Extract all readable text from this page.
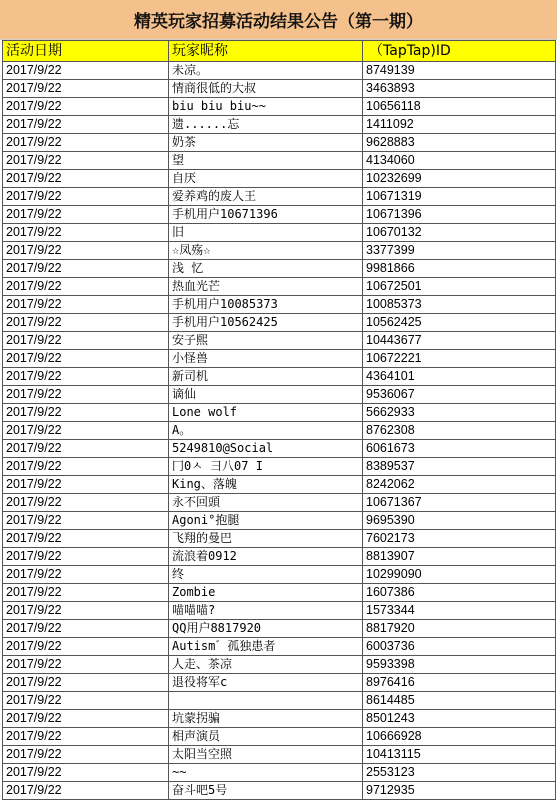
精英玩家招募活动结果公告（第一期）
活动日期	玩家昵称	（TapTap)ID
2017/9/22	未凉。	8749139
2017/9/22	情商很低的大叔	3463893
2017/9/22	biu biu biu~~	10656118
2017/9/22	遗......忘	1411092
2017/9/22	奶茶	9628883
2017/9/22	望	4134060
2017/9/22	自厌	10232699
2017/9/22	爱养鸡的废人王	10671319
2017/9/22	手机用户10671396	10671396
2017/9/22	旧	10670132
2017/9/22	☆凤殇☆	3377399
2017/9/22	浅 忆	9981866
2017/9/22	热血光芒	10672501
2017/9/22	手机用户10085373	10085373
2017/9/22	手机用户10562425	10562425
2017/9/22	安子熙	10443677
2017/9/22	小怪兽	10672221
2017/9/22	新司机	4364101
2017/9/22	谪仙	9536067
2017/9/22	Lone wolf	5662933
2017/9/22	A。	8762308
2017/9/22	5249810@Social	6061673
2017/9/22	冂0ㅅ 彐八07 I	8389537
2017/9/22	King、落魄	8242062
2017/9/22	永不回頭	10671367
2017/9/22	Agoni°抱腿	9695390
2017/9/22	飞翔的曼巴	7602173
2017/9/22	流浪着0912	8813907
2017/9/22	终	10299090
2017/9/22	Zombie	1607386
2017/9/22	喵喵喵?	1573344
2017/9/22	QQ用户8817920	8817920
2017/9/22	Autism゛孤独患者	6003736
2017/9/22	人走、茶凉	9593398
2017/9/22	退役将军c	8976416
2017/9/22		8614485
2017/9/22	坑蒙拐骗	8501243
2017/9/22	相声演员	10666928
2017/9/22	太阳当空照	10413115
2017/9/22	~~	2553123
2017/9/22	奋斗吧5号	9712935
